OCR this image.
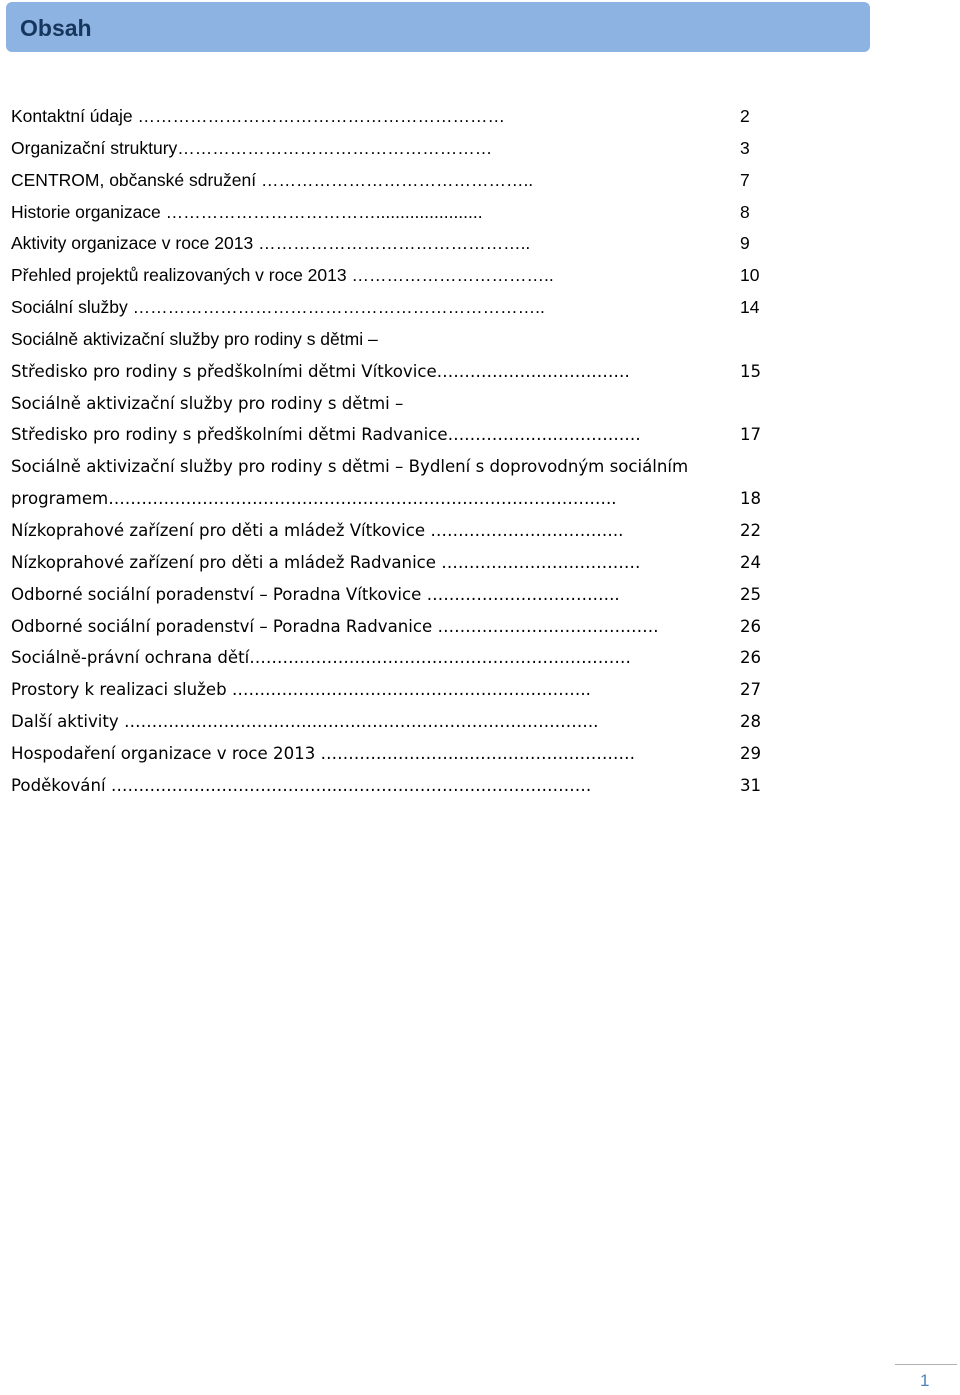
Obsah
Kontaktní údaje ………………………………………………………	2
Organizační struktury………………………………………………	3
CENTROM, občanské sdružení ………………………………………..	7
Historie organizace ………………………………......................	8
Aktivity organizace v roce 2013 ………………………………………..	9
Přehled projektů realizovaných v roce 2013 ……………………………..	10
Sociální služby ……………………………………………………………..	14
Sociálně aktivizační služby pro rodiny s dětmi –
Středisko pro rodiny s předškolními dětmi Vítkovice……………….…………….	15
Sociálně aktivizační služby pro rodiny s dětmi –
Středisko pro rodiny s předškolními dětmi Radvanice……………….…………….	17
Sociálně aktivizační služby pro rodiny s dětmi – Bydlení s doprovodným sociálním
programem………………………………………………………………………………..	18
Nízkoprahové zařízení pro děti a mládež Vítkovice ……………………………..	22
Nízkoprahové zařízení pro děti a mládež Radvanice ………………………………	24
Odborné sociální poradenství – Poradna Vítkovice ……………………………..	25
Odborné sociální poradenství – Poradna Radvanice ………………………………….	26
Sociálně-právní ochrana dětí……………………………………………………………	26
Prostory k realizaci služeb ………………………………………………………..	27
Další aktivity ……………………………...…………………………………………..	28
Hospodaření organizace v roce 2013 ……………………...…………………………	29
Poděkování …………………………………...………………………………………	31
1
